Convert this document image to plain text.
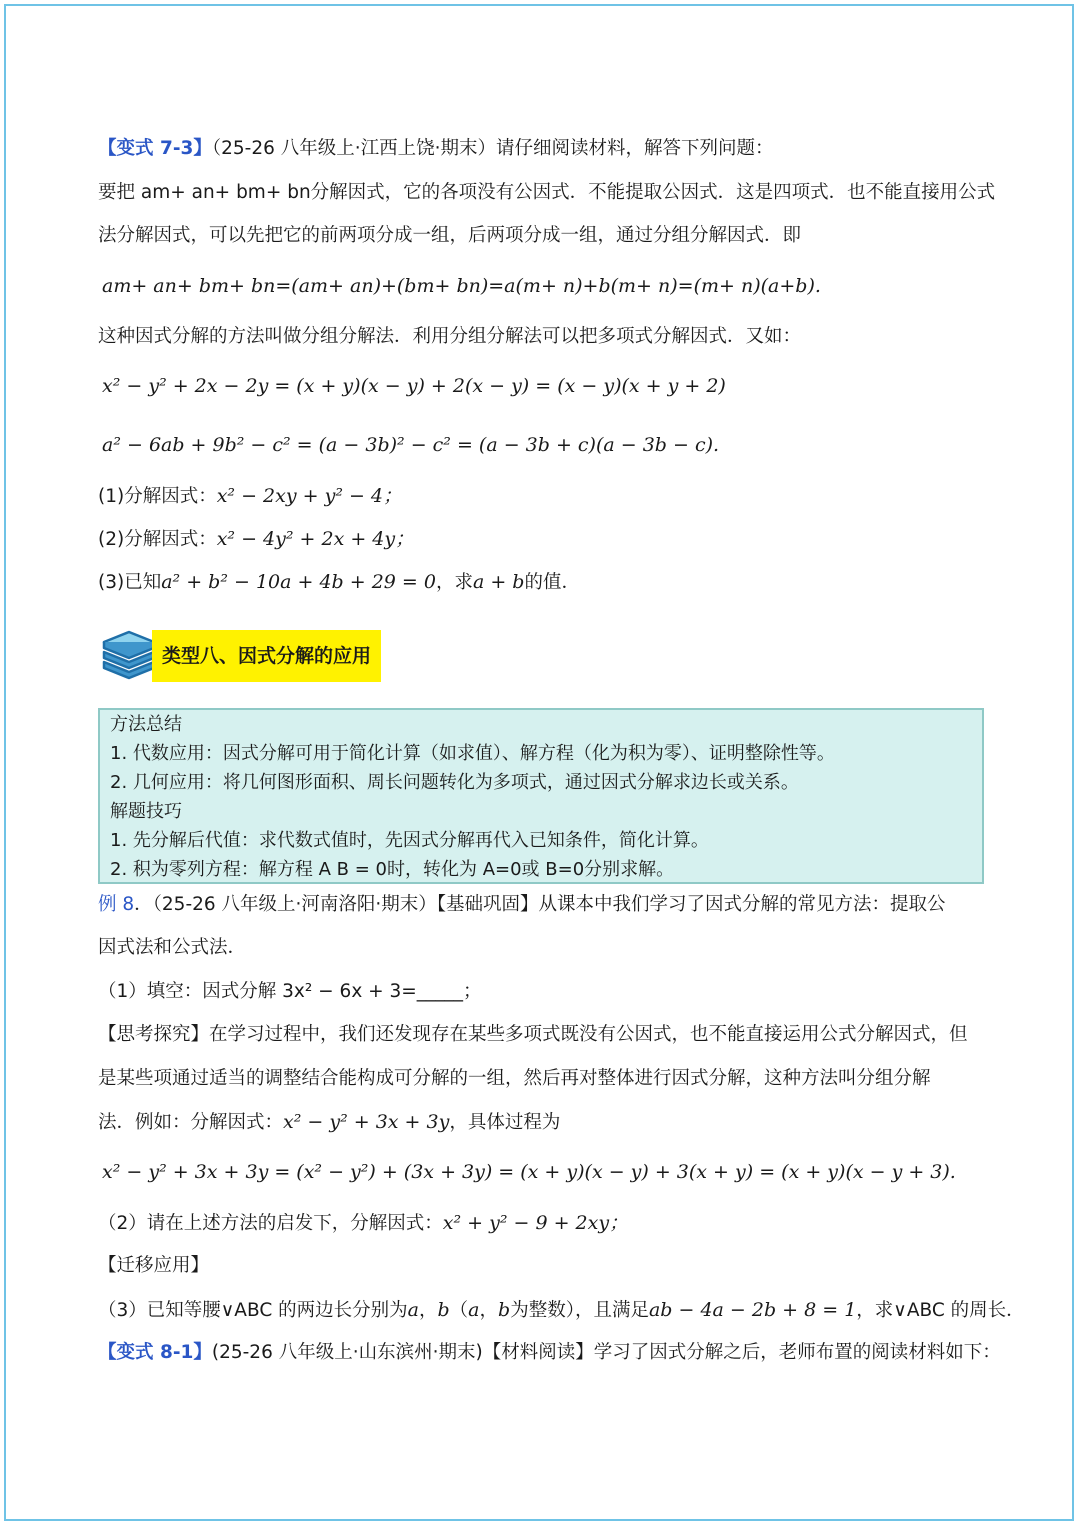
【变式 7-3】（25-26 八年级上·江西上饶·期末）请仔细阅读材料，解答下列问题：
要把 am+ an+ bm+ bn分解因式，它的各项没有公因式．不能提取公因式．这是四项式．也不能直接用公式
法分解因式，可以先把它的前两项分成一组，后两项分成一组，通过分组分解因式．即
am+ an+ bm+ bn=(am+ an)+(bm+ bn)=a(m+ n)+b(m+ n)=(m+ n)(a+b).
这种因式分解的方法叫做分组分解法．利用分组分解法可以把多项式分解因式．又如：
x² − y² + 2x − 2y = (x + y)(x − y) + 2(x − y) = (x − y)(x + y + 2)
a² − 6ab + 9b² − c² = (a − 3b)² − c² = (a − 3b + c)(a − 3b − c).
(1)分解因式：x² − 2xy + y² − 4；
(2)分解因式：x² − 4y² + 2x + 4y；
(3)已知a² + b² − 10a + 4b + 29 = 0，求a + b的值．
类型八、因式分解的应用
方法总结
1. 代数应用：因式分解可用于简化计算（如求值）、解方程（化为积为零）、证明整除性等。
2. 几何应用：将几何图形面积、周长问题转化为多项式，通过因式分解求边长或关系。
解题技巧
1. 先分解后代值：求代数式值时，先因式分解再代入已知条件，简化计算。
2. 积为零列方程：解方程 A B = 0时，转化为 A=0或 B=0分别求解。
例 8．（25-26 八年级上·河南洛阳·期末）【基础巩固】从课本中我们学习了因式分解的常见方法：提取公
因式法和公式法．
（1）填空：因式分解 3x² − 6x + 3=_____；
【思考探究】在学习过程中，我们还发现存在某些多项式既没有公因式，也不能直接运用公式分解因式，但
是某些项通过适当的调整结合能构成可分解的一组，然后再对整体进行因式分解，这种方法叫分组分解
法．例如：分解因式：x² − y² + 3x + 3y，具体过程为
x² − y² + 3x + 3y = (x² − y²) + (3x + 3y) = (x + y)(x − y) + 3(x + y) = (x + y)(x − y + 3).
（2）请在上述方法的启发下，分解因式：x² + y² − 9 + 2xy；
【迁移应用】
（3）已知等腰∨ABC 的两边长分别为a，b（a，b为整数），且满足ab − 4a − 2b + 8 = 1，求∨ABC 的周长．
【变式 8-1】(25-26 八年级上·山东滨州·期末)【材料阅读】学习了因式分解之后，老师布置的阅读材料如下：
